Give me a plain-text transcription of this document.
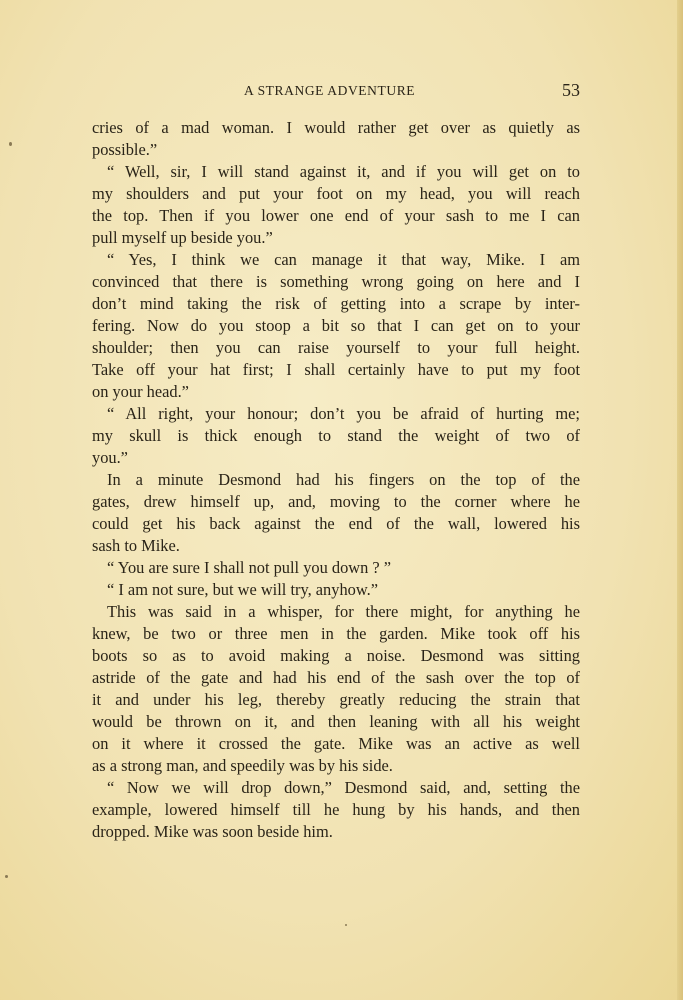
A STRANGE ADVENTURE	53
cries of a mad woman. I would rather get over as quietly as
possible.”
“ Well, sir, I will stand against it, and if you will get on to
my shoulders and put your foot on my head, you will reach
the top. Then if you lower one end of your sash to me I can
pull myself up beside you.”
“ Yes, I think we can manage it that way, Mike. I am
convinced that there is something wrong going on here and I
don’t mind taking the risk of getting into a scrape by inter-
fering. Now do you stoop a bit so that I can get on to your
shoulder; then you can raise yourself to your full height.
Take off your hat first; I shall certainly have to put my foot
on your head.”
“ All right, your honour; don’t you be afraid of hurting me;
my skull is thick enough to stand the weight of two of
you.”
In a minute Desmond had his fingers on the top of the
gates, drew himself up, and, moving to the corner where he
could get his back against the end of the wall, lowered his
sash to Mike.
“ You are sure I shall not pull you down ? ”
“ I am not sure, but we will try, anyhow.”
This was said in a whisper, for there might, for anything he
knew, be two or three men in the garden. Mike took off his
boots so as to avoid making a noise. Desmond was sitting
astride of the gate and had his end of the sash over the top of
it and under his leg, thereby greatly reducing the strain that
would be thrown on it, and then leaning with all his weight
on it where it crossed the gate. Mike was an active as well
as a strong man, and speedily was by his side.
“ Now we will drop down,” Desmond said, and, setting the
example, lowered himself till he hung by his hands, and then
dropped. Mike was soon beside him.
